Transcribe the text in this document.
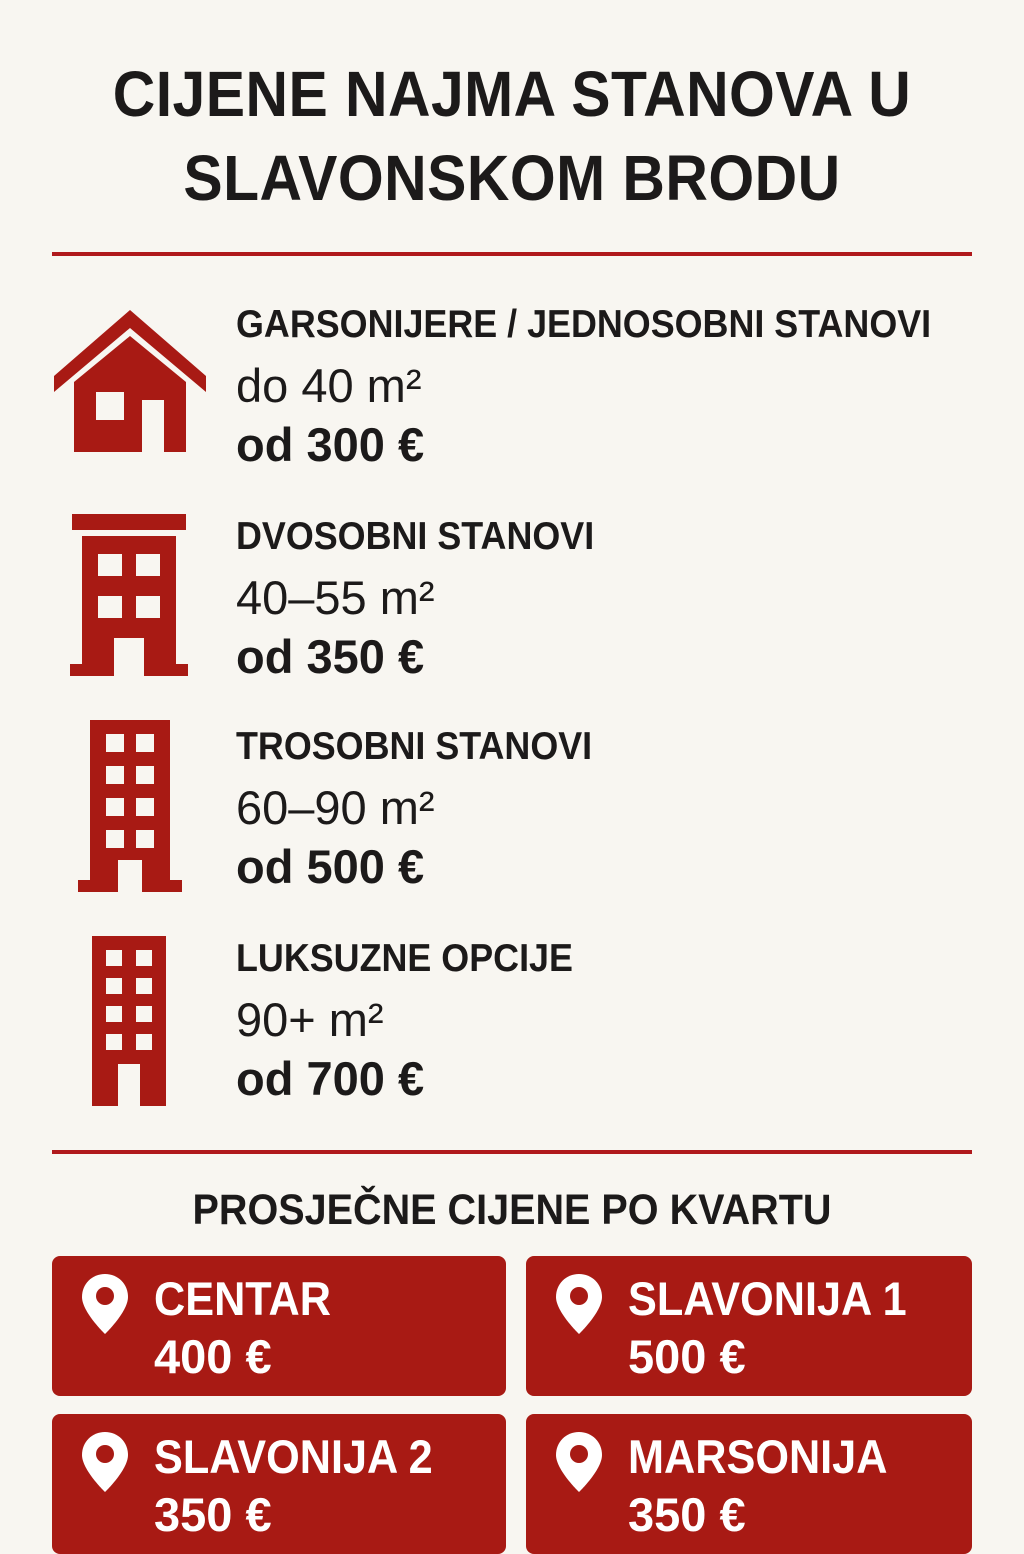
CIJENE NAJMA STANOVA U
SLAVONSKOM BRODU
GARSONIJERE / JEDNOSOBNI STANOVI
do 40 m²
od 300 €
DVOSOBNI STANOVI
40–55 m²
od 350 €
TROSOBNI STANOVI
60–90 m²
od 500 €
LUKSUZNE OPCIJE
90+ m²
od 700 €
PROSJEČNE CIJENE PO KVARTU
CENTAR
400 €
SLAVONIJA 1
500 €
SLAVONIJA 2
350 €
MARSONIJA
350 €
